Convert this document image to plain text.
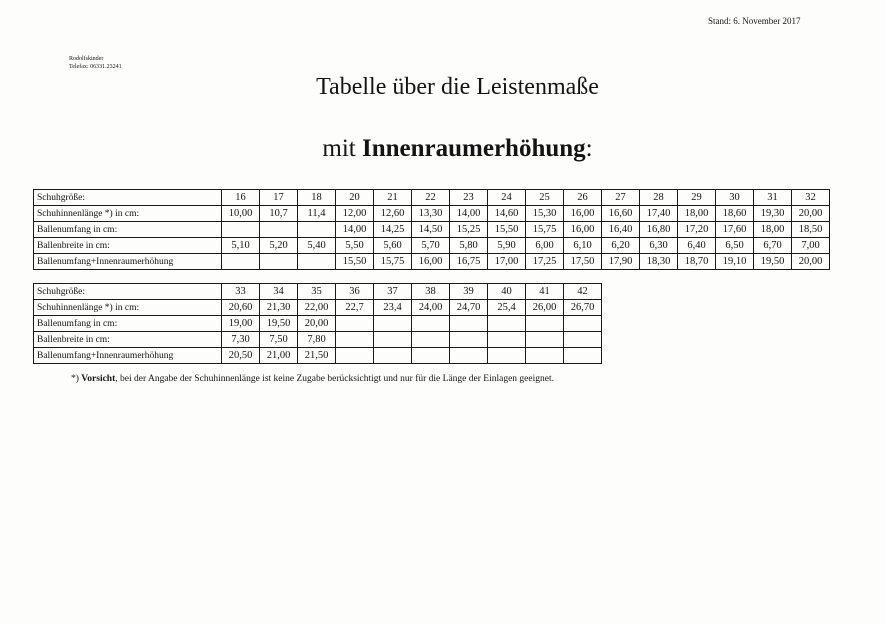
Stand: 6. November 2017
Rodolfskinder
Telefax: 06331.23241
Tabelle über die Leistenmaße
mit Innenraumerhöhung:
Schuhgröße:	16	17	18	20	21	22	23	24	25	26	27	28	29	30	31	32
Schuhinnenlänge *) in cm:	10,00	10,7	11,4	12,00	12,60	13,30	14,00	14,60	15,30	16,00	16,60	17,40	18,00	18,60	19,30	20,00
Ballenumfang in cm:				14,00	14,25	14,50	15,25	15,50	15,75	16,00	16,40	16,80	17,20	17,60	18,00	18,50
Ballenbreite in cm:	5,10	5,20	5,40	5,50	5,60	5,70	5,80	5,90	6,00	6,10	6,20	6,30	6,40	6,50	6,70	7,00
Ballenumfang+Innenraumerhöhung				15,50	15,75	16,00	16,75	17,00	17,25	17,50	17,90	18,30	18,70	19,10	19,50	20,00
Schuhgröße:	33	34	35	36	37	38	39	40	41	42
Schuhinnenlänge *) in cm:	20,60	21,30	22,00	22,7	23,4	24,00	24,70	25,4	26,00	26,70
Ballenumfang in cm:	19,00	19,50	20,00							
Ballenbreite in cm:	7,30	7,50	7,80							
Ballenumfang+Innenraumerhöhung	20,50	21,00	21,50							
*) Vorsicht, bei der Angabe der Schuhinnenlänge ist keine Zugabe berücksichtigt und nur für die Länge der Einlagen geeignet.
